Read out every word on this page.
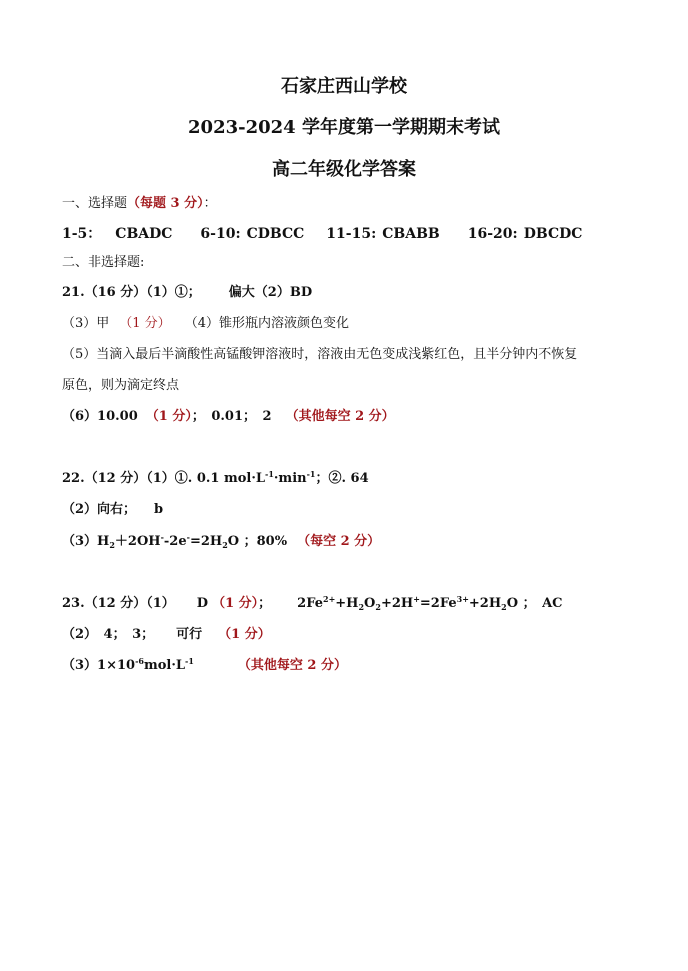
石家庄西山学校
2023-2024 学年度第一学期期末考试
高二年级化学答案
一、选择题（每题 3 分）：
1-5： CBADC 6-10: CDBCC 11-15: CBABB 16-20: DBCDC
二、非选择题:
21.（16 分）（1）①； 偏大（2）BD
（3）甲 （1 分） （4）锥形瓶内溶液颜色变化
（5）当滴入最后半滴酸性高锰酸钾溶液时，溶液由无色变成浅紫红色，且半分钟内不恢复
原色，则为滴定终点
（6）10.00 （1 分）；　0.01；　2 （其他每空 2 分）
22.（12 分）（1）①. 0.1 $mol\cdot L^{-1}\cdot\min^{-1}$；②. 64
（2）向右； b
$(3)H_2+2OH^--2e^-=2H_2O$ ；80% （每空 2 分）
23.（12 分）（1） D （1 分）； $2Fe^{2+}+H_2O_2+2H^+=2Fe^{3+}+2H_2O$ ；　AC
（2）　4；　3； 可行 （1 分）
$(3)1\times 10^{-6}mol\cdot L^{-1}$	（其他每空 2 分）
